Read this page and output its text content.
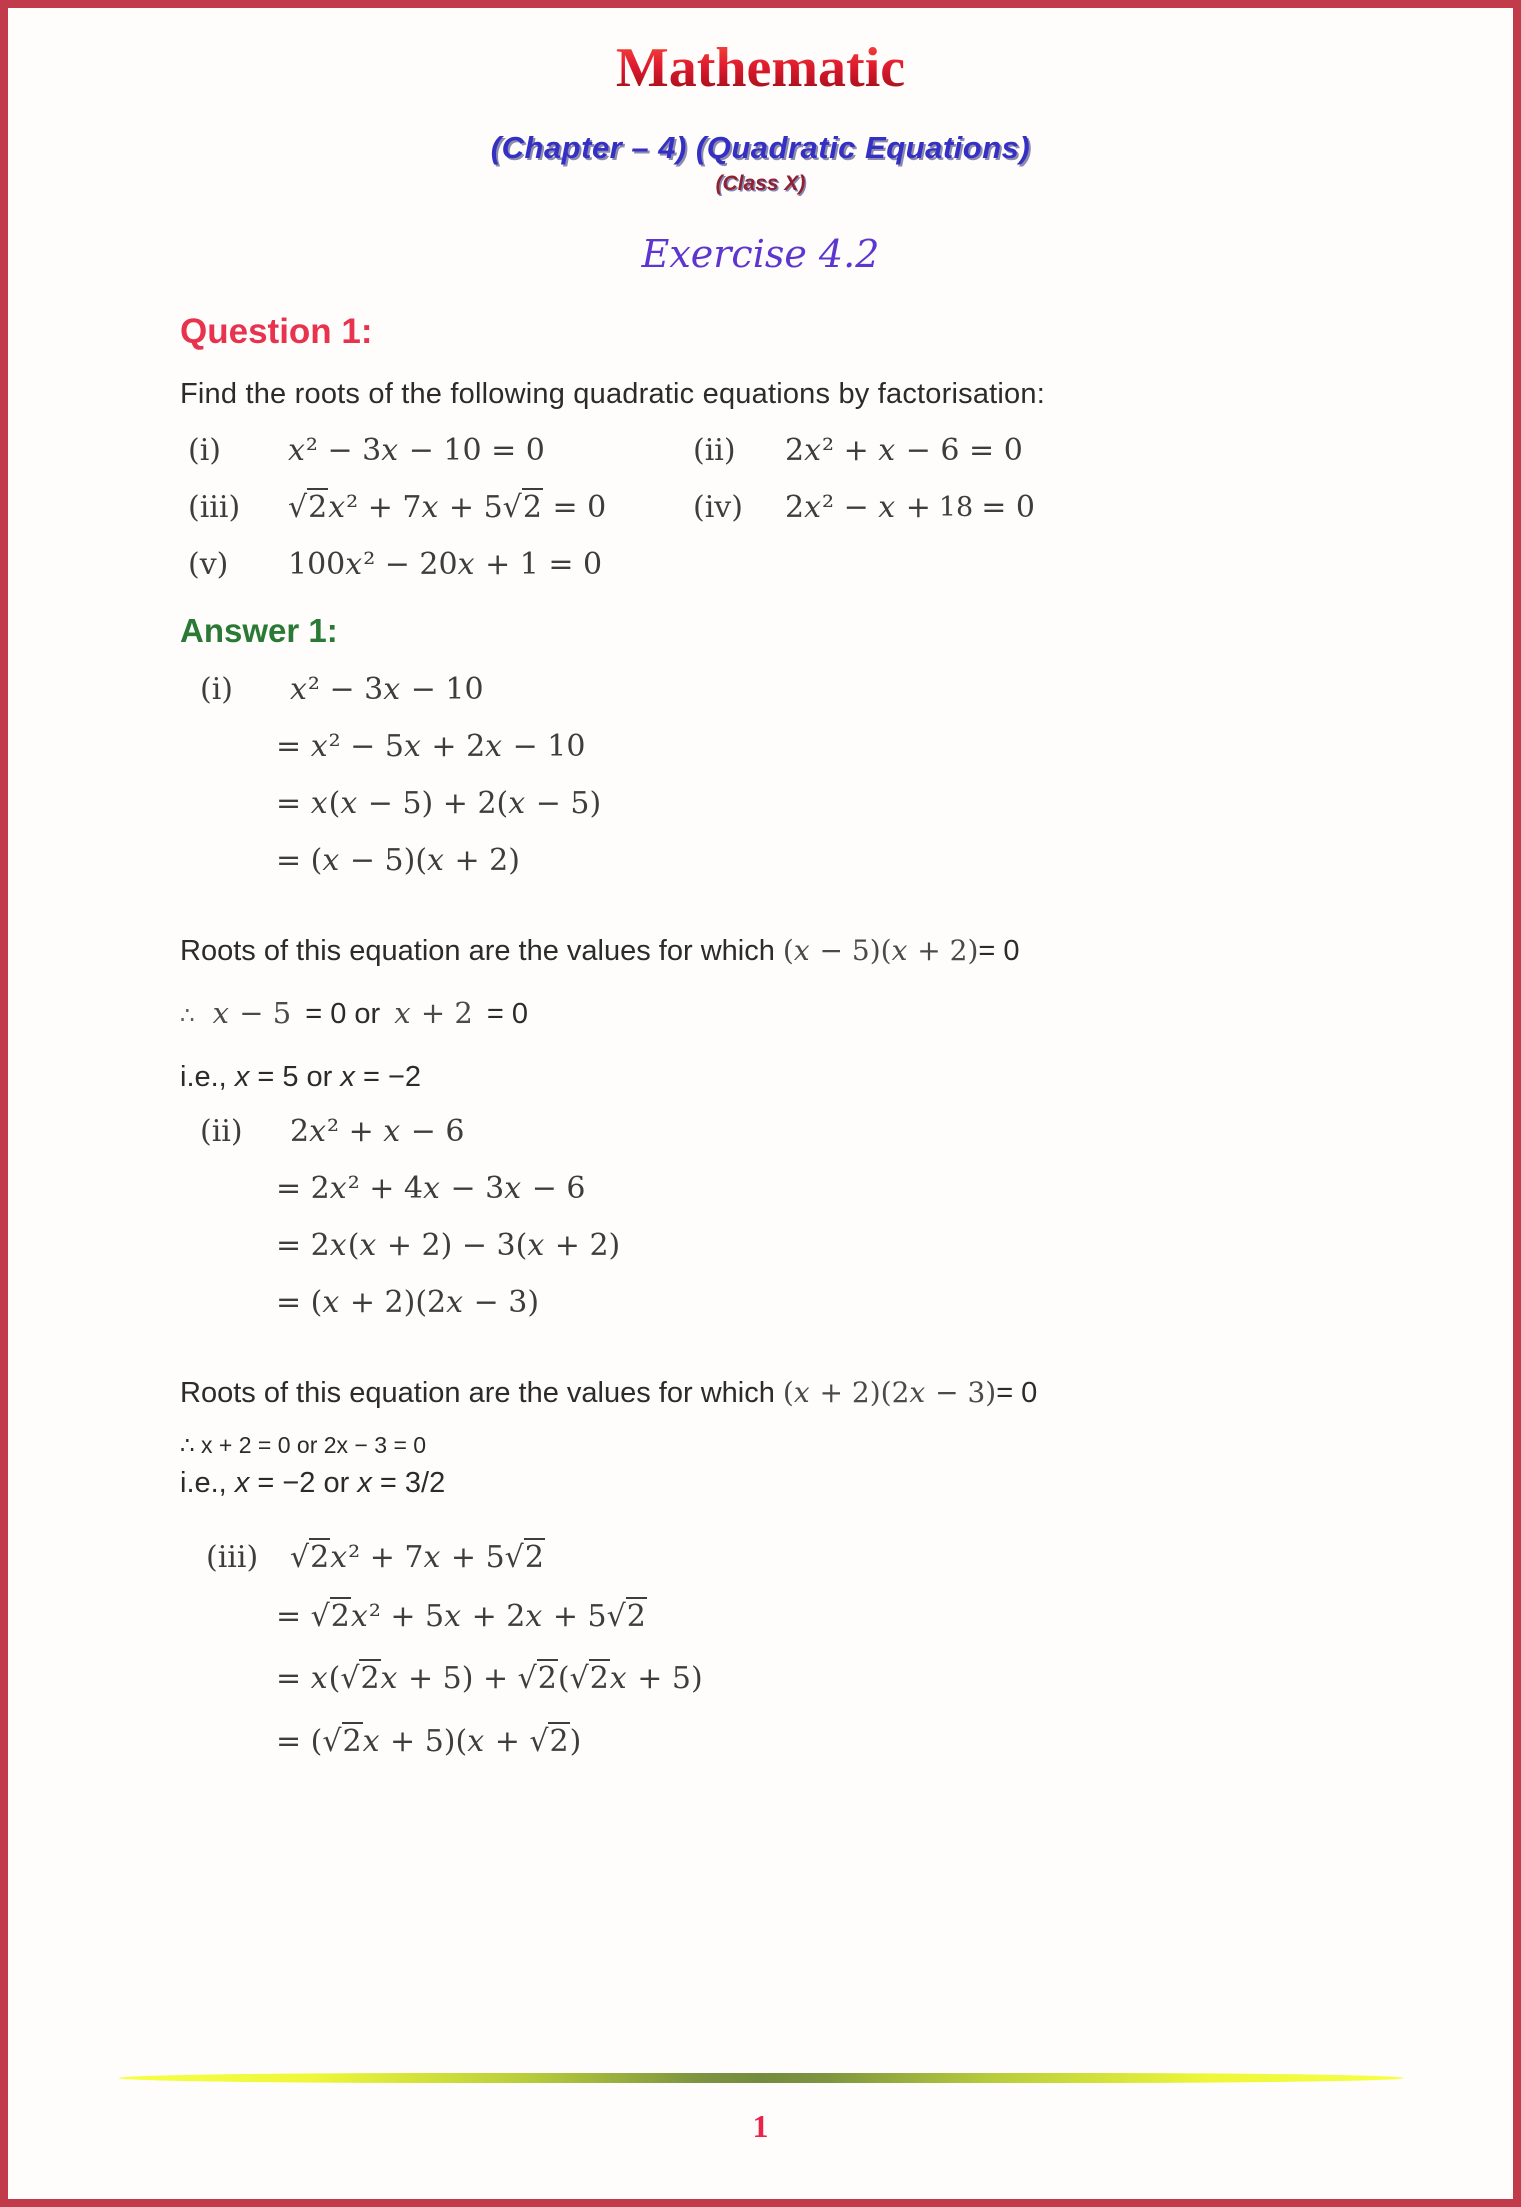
Mathematic
(Chapter – 4) (Quadratic Equations)
(Class X)
Exercise 4.2
Question 1:
Find the roots of the following quadratic equations by factorisation:
(i)	x² − 3x − 10 = 0	(ii)	2x² + x − 6 = 0
(iii)	√2x² + 7x + 5√2 = 0	(iv)	2x² − x + 18 = 0
(v)	100x² − 20x + 1 = 0
Answer 1:
(i)	x² − 3x − 10
= x² − 5x + 2x − 10
= x(x − 5) + 2(x − 5)
= (x − 5)(x + 2)
Roots of this equation are the values for which (x − 5)(x + 2)= 0
∴ x − 5 = 0 or x + 2 = 0
i.e., x = 5 or x = −2
(ii)	2x² + x − 6
= 2x² + 4x − 3x − 6
= 2x(x + 2) − 3(x + 2)
= (x + 2)(2x − 3)
Roots of this equation are the values for which (x + 2)(2x − 3)= 0
∴ x + 2 = 0 or 2x − 3 = 0
i.e., x = −2 or x = 3/2
(iii)	√2x² + 7x + 5√2
= √2x² + 5x + 2x + 5√2
= x(√2x + 5) + √2(√2x + 5)
= (√2x + 5)(x + √2)
1
